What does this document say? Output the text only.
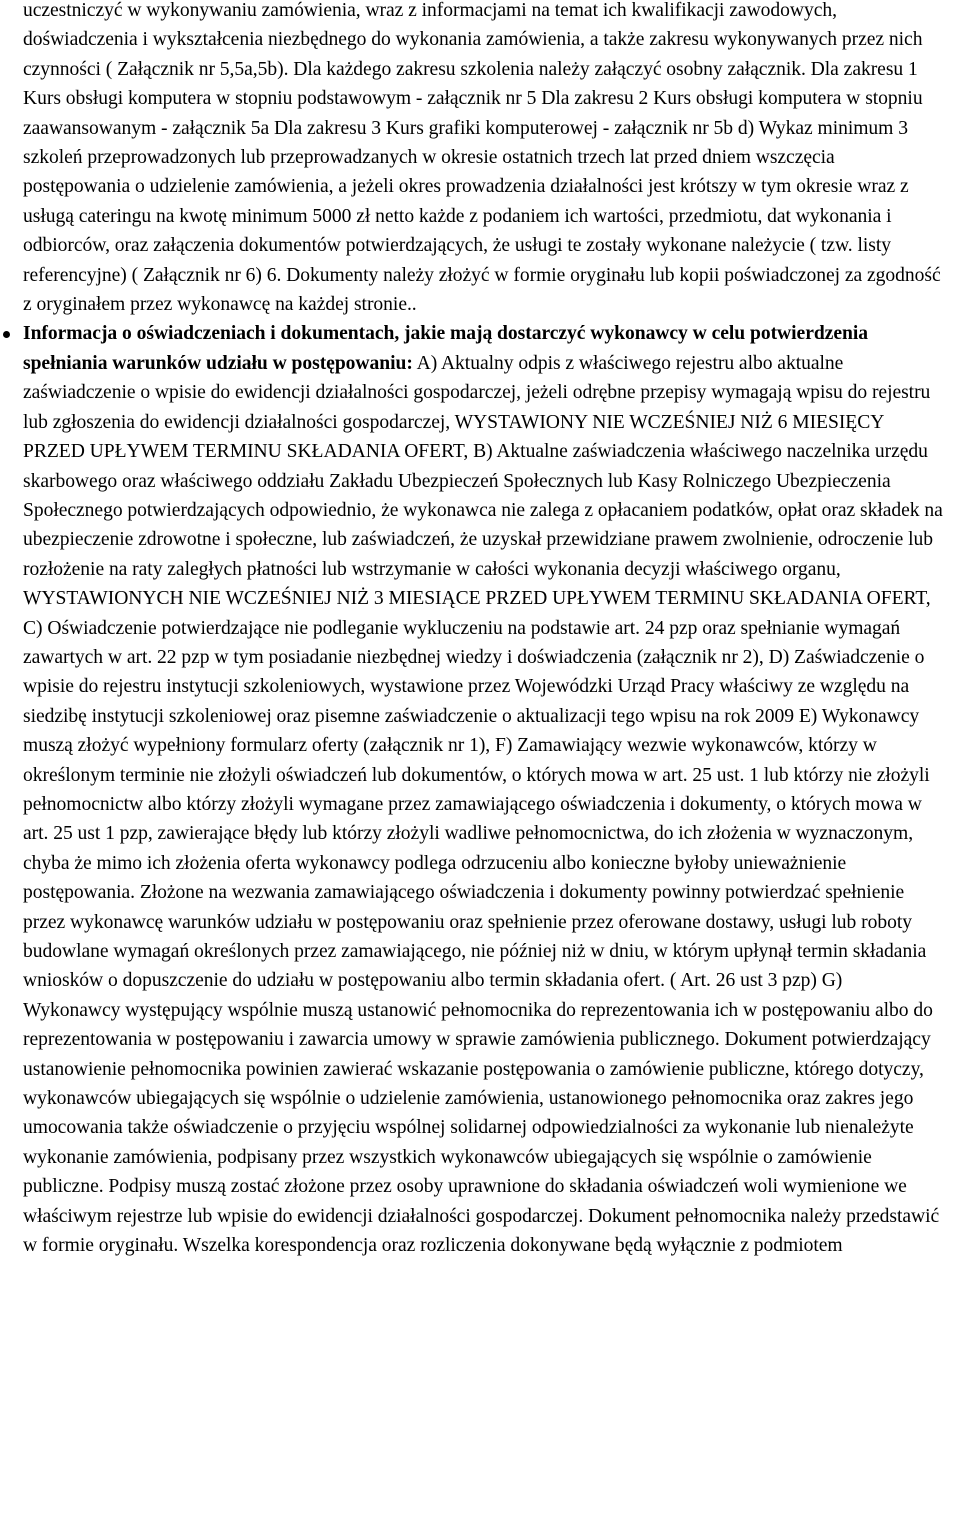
uczestniczyć w wykonywaniu zamówienia, wraz z informacjami na temat ich kwalifikacji zawodowych, doświadczenia i wykształcenia niezbędnego do wykonania zamówienia, a także zakresu wykonywanych przez nich czynności ( Załącznik nr 5,5a,5b). Dla każdego zakresu szkolenia należy załączyć osobny załącznik. Dla zakresu 1 Kurs obsługi komputera w stopniu podstawowym - załącznik nr 5 Dla zakresu 2 Kurs obsługi komputera w stopniu zaawansowanym - załącznik 5a Dla zakresu 3 Kurs grafiki komputerowej - załącznik nr 5b d) Wykaz minimum 3 szkoleń przeprowadzonych lub przeprowadzanych w okresie ostatnich trzech lat przed dniem wszczęcia postępowania o udzielenie zamówienia, a jeżeli okres prowadzenia działalności jest krótszy w tym okresie wraz z usługą cateringu na kwotę minimum 5000 zł netto każde z podaniem ich wartości, przedmiotu, dat wykonania i odbiorców, oraz załączenia dokumentów potwierdzających, że usługi te zostały wykonane należycie ( tzw. listy referencyjne) ( Załącznik nr 6) 6. Dokumenty należy złożyć w formie oryginału lub kopii poświadczonej za zgodność z oryginałem przez wykonawcę na każdej stronie..

Informacja o oświadczeniach i dokumentach, jakie mają dostarczyć wykonawcy w celu potwierdzenia spełniania warunków udziału w postępowaniu: A) Aktualny odpis z właściwego rejestru albo aktualne zaświadczenie o wpisie do ewidencji działalności gospodarczej, jeżeli odrębne przepisy wymagają wpisu do rejestru lub zgłoszenia do ewidencji działalności gospodarczej, WYSTAWIONY NIE WCZEŚNIEJ NIŻ 6 MIESIĘCY PRZED UPŁYWEM TERMINU SKŁADANIA OFERT, B) Aktualne zaświadczenia właściwego naczelnika urzędu skarbowego oraz właściwego oddziału Zakładu Ubezpieczeń Społecznych lub Kasy Rolniczego Ubezpieczenia Społecznego potwierdzających odpowiednio, że wykonawca nie zalega z opłacaniem podatków, opłat oraz składek na ubezpieczenie zdrowotne i społeczne, lub zaświadczeń, że uzyskał przewidziane prawem zwolnienie, odroczenie lub rozłożenie na raty zaległych płatności lub wstrzymanie w całości wykonania decyzji właściwego organu, WYSTAWIONYCH NIE WCZEŚNIEJ NIŻ 3 MIESIĄCE PRZED UPŁYWEM TERMINU SKŁADANIA OFERT, C) Oświadczenie potwierdzające nie podleganie wykluczeniu na podstawie art. 24 pzp oraz spełnianie wymagań zawartych w art. 22 pzp w tym posiadanie niezbędnej wiedzy i doświadczenia (załącznik nr 2), D) Zaświadczenie o wpisie do rejestru instytucji szkoleniowych, wystawione przez Wojewódzki Urząd Pracy właściwy ze względu na siedzibę instytucji szkoleniowej oraz pisemne zaświadczenie o aktualizacji tego wpisu na rok 2009 E) Wykonawcy muszą złożyć wypełniony formularz oferty (załącznik nr 1), F) Zamawiający wezwie wykonawców, którzy w określonym terminie nie złożyli oświadczeń lub dokumentów, o których mowa w art. 25 ust. 1 lub którzy nie złożyli pełnomocnictw albo którzy złożyli wymagane przez zamawiającego oświadczenia i dokumenty, o których mowa w art. 25 ust 1 pzp, zawierające błędy lub którzy złożyli wadliwe pełnomocnictwa, do ich złożenia w wyznaczonym, chyba że mimo ich złożenia oferta wykonawcy podlega odrzuceniu albo konieczne byłoby unieważnienie postępowania. Złożone na wezwania zamawiającego oświadczenia i dokumenty powinny potwierdzać spełnienie przez wykonawcę warunków udziału w postępowaniu oraz spełnienie przez oferowane dostawy, usługi lub roboty budowlane wymagań określonych przez zamawiającego, nie później niż w dniu, w którym upłynął termin składania wniosków o dopuszczenie do udziału w postępowaniu albo termin składania ofert. ( Art. 26 ust 3 pzp) G) Wykonawcy występujący wspólnie muszą ustanowić pełnomocnika do reprezentowania ich w postępowaniu albo do reprezentowania w postępowaniu i zawarcia umowy w sprawie zamówienia publicznego. Dokument potwierdzający ustanowienie pełnomocnika powinien zawierać wskazanie postępowania o zamówienie publiczne, którego dotyczy, wykonawców ubiegających się wspólnie o udzielenie zamówienia, ustanowionego pełnomocnika oraz zakres jego umocowania także oświadczenie o przyjęciu wspólnej solidarnej odpowiedzialności za wykonanie lub nienależyte wykonanie zamówienia, podpisany przez wszystkich wykonawców ubiegających się wspólnie o zamówienie publiczne. Podpisy muszą zostać złożone przez osoby uprawnione do składania oświadczeń woli wymienione we właściwym rejestrze lub wpisie do ewidencji działalności gospodarczej. Dokument pełnomocnika należy przedstawić w formie oryginału. Wszelka korespondencja oraz rozliczenia dokonywane będą wyłącznie z podmiotem
